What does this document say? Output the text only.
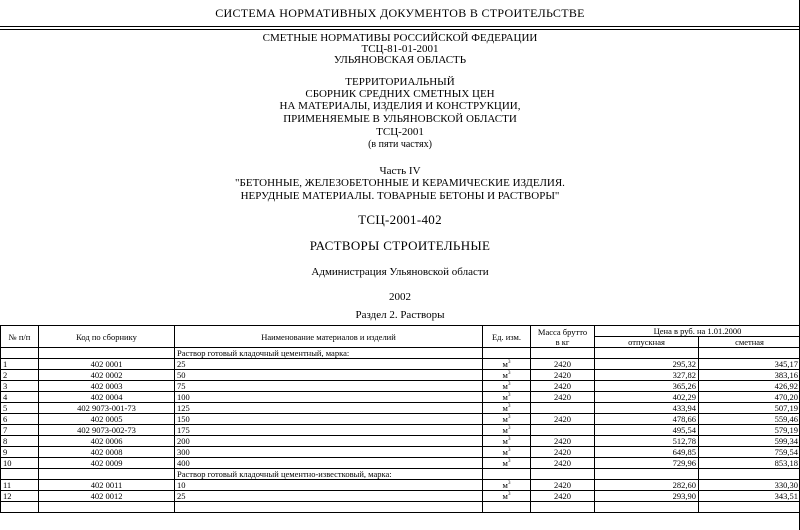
СИСТЕМА НОРМАТИВНЫХ ДОКУМЕНТОВ В СТРОИТЕЛЬСТВЕ
СМЕТНЫЕ НОРМАТИВЫ РОССИЙСКОЙ ФЕДЕРАЦИИ
ТСЦ-81-01-2001
УЛЬЯНОВСКАЯ ОБЛАСТЬ
ТЕРРИТОРИАЛЬНЫЙ
СБОРНИК СРЕДНИХ СМЕТНЫХ ЦЕН
НА МАТЕРИАЛЫ, ИЗДЕЛИЯ И КОНСТРУКЦИИ,
ПРИМЕНЯЕМЫЕ В УЛЬЯНОВСКОЙ ОБЛАСТИ
ТСЦ-2001
(в пяти частях)
Часть IV
"БЕТОННЫЕ, ЖЕЛЕЗОБЕТОННЫЕ И КЕРАМИЧЕСКИЕ ИЗДЕЛИЯ.
НЕРУДНЫЕ МАТЕРИАЛЫ. ТОВАРНЫЕ БЕТОНЫ И РАСТВОРЫ"
ТСЦ-2001-402
РАСТВОРЫ СТРОИТЕЛЬНЫЕ
Администрация Ульяновской области
2002
Раздел 2. Растворы
№ п/п	Код по сборнику	Наименование материалов и изделий	Ед. изм.	Масса брутто
в кг	Цена в руб. на 1.01.2000	
					отпускная	сметная
		Раствор готовый кладочный цементный, марка:				
1	402 0001	25	$м^3$	2420	295,32	345,17
2	402 0002	50	$м^3$	2420	327,82	383,16
3	402 0003	75	$м^3$	2420	365,26	426,92
4	402 0004	100	$м^3$	2420	402,29	470,20
5	402 9073-001-73	125	$м^3$		433,94	507,19
6	402 0005	150	$м^3$	2420	478,66	559,46
7	402 9073-002-73	175	$м^3$		495,54	579,19
8	402 0006	200	$м^3$	2420	512,78	599,34
9	402 0008	300	$м^3$	2420	649,85	759,54
10	402 0009	400	$м^3$	2420	729,96	853,18
		Раствор готовый кладочный цементно-известковый, марка:				
11	402 0011	10	$м^3$	2420	282,60	330,30
12	402 0012	25	$м^3$	2420	293,90	343,51
